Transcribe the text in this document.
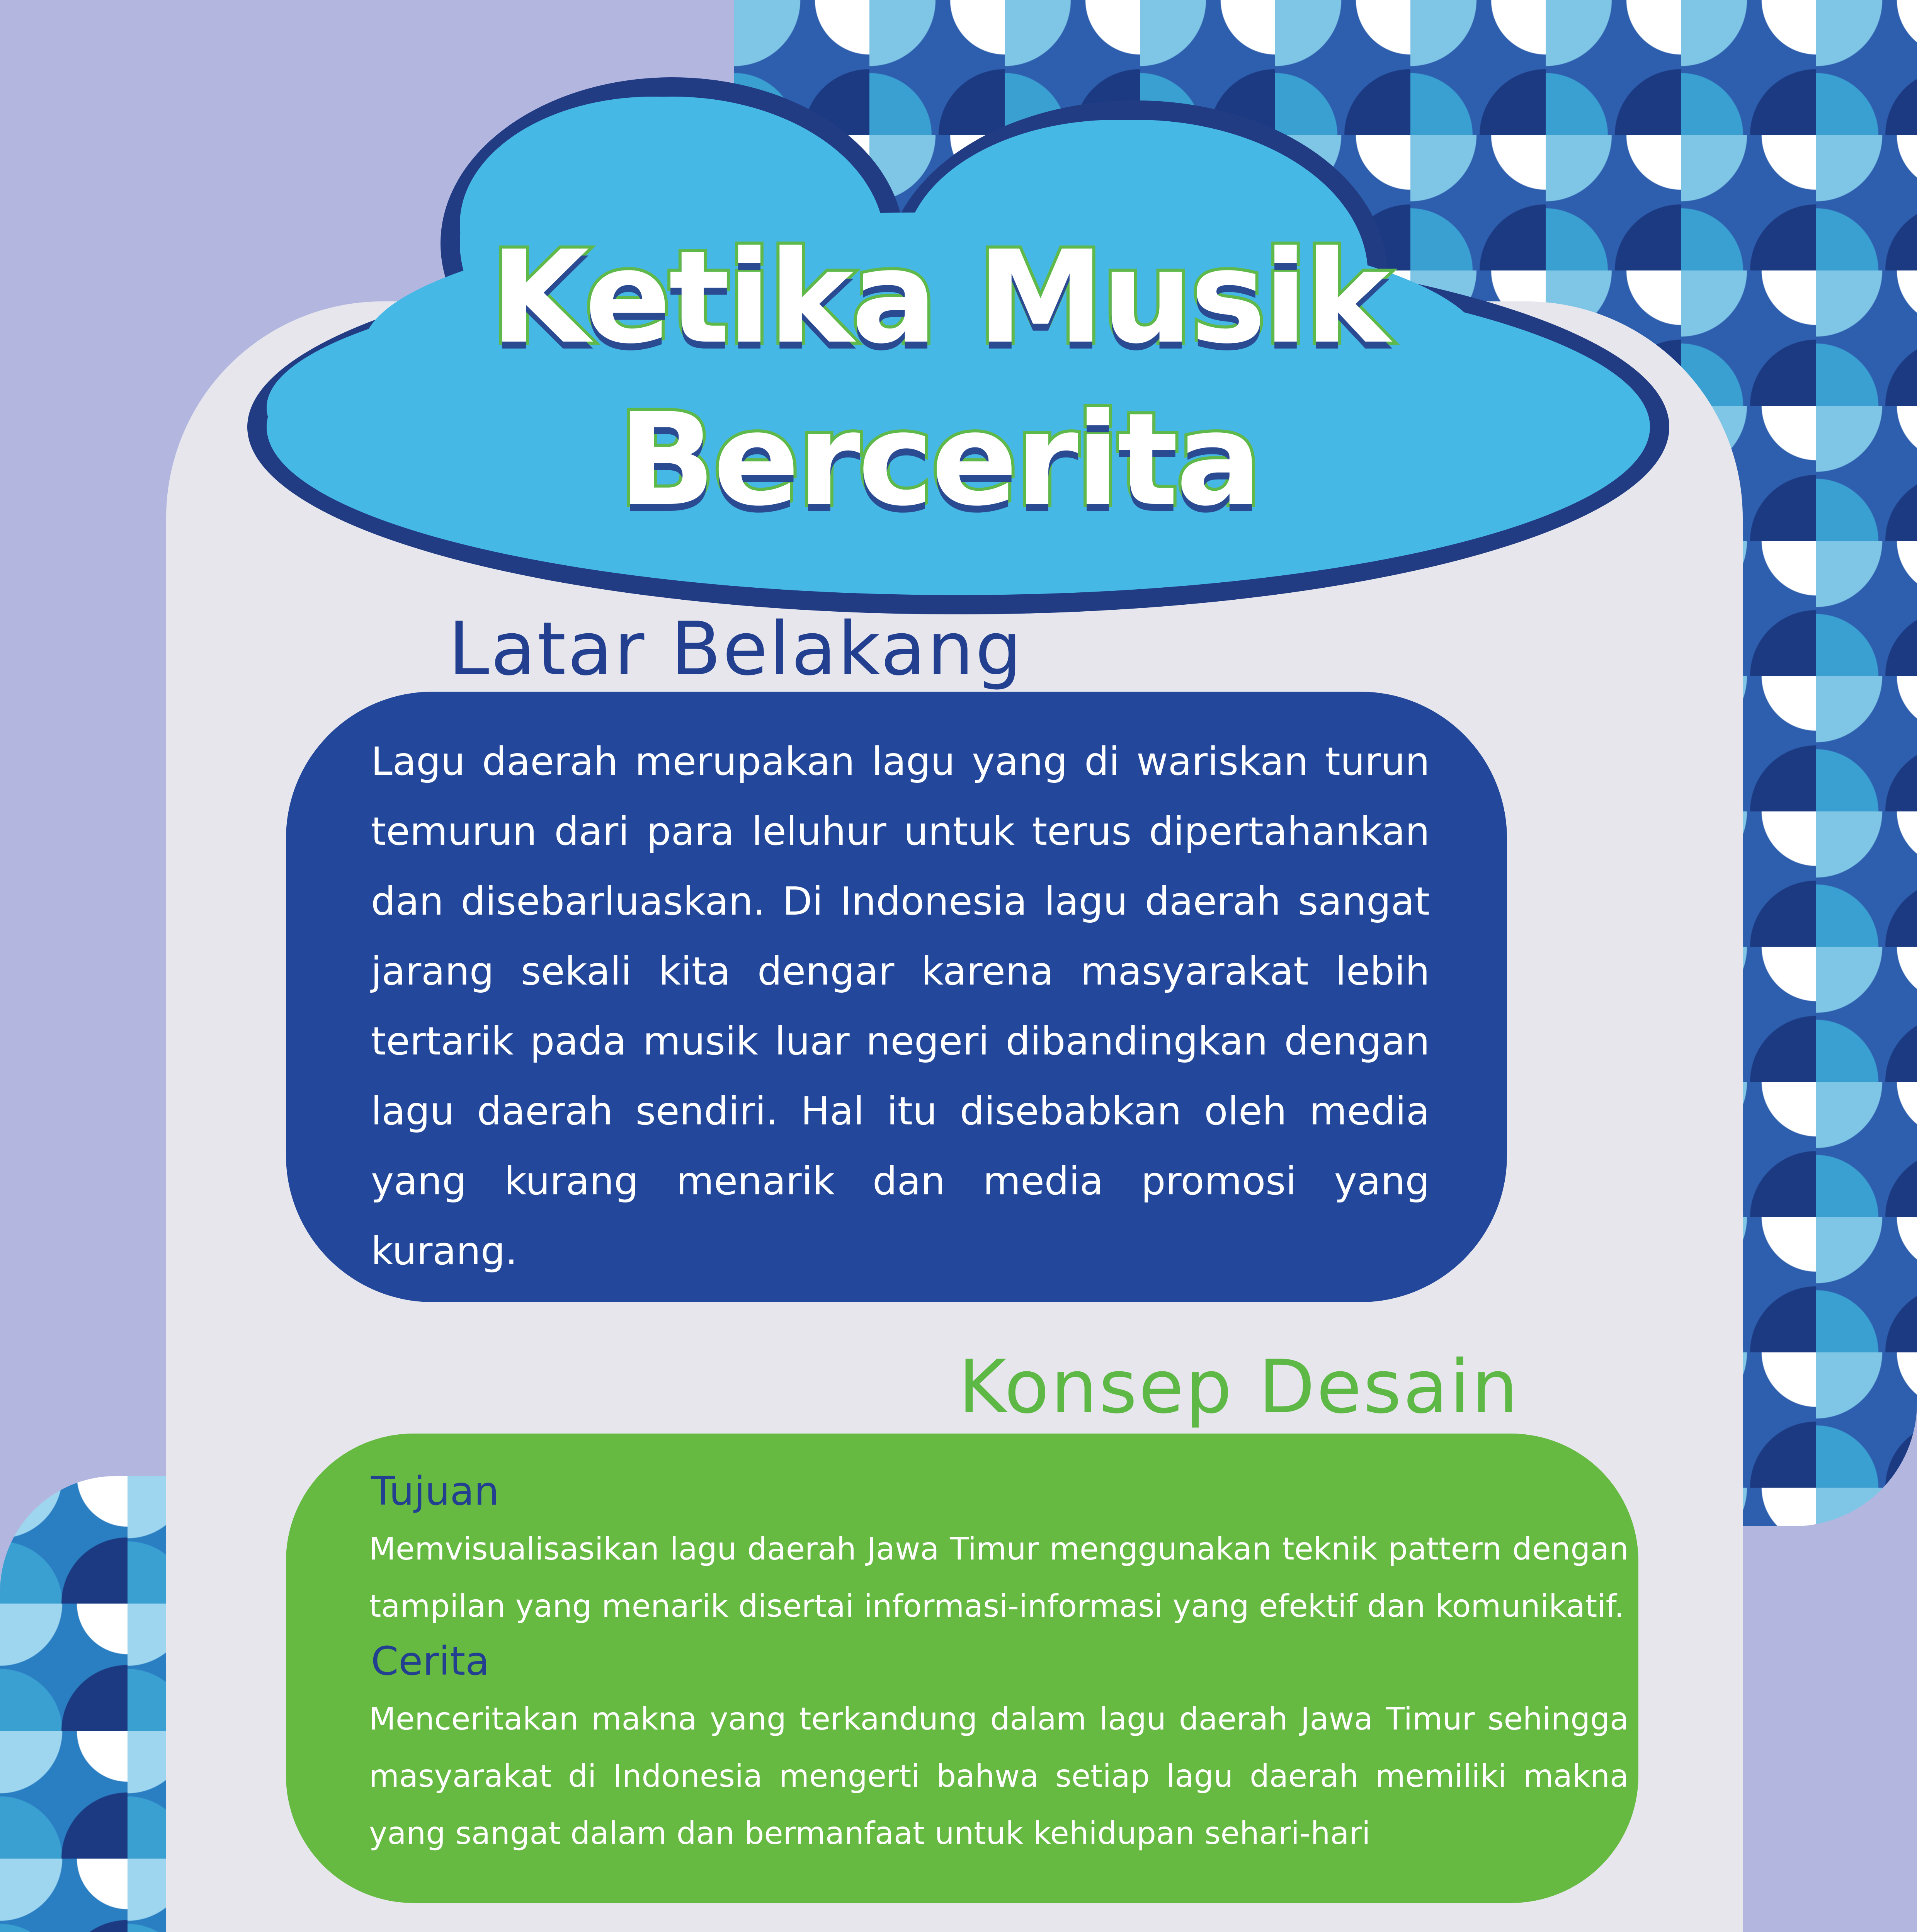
Ketika Musik Bercerita
Latar Belakang
Lagu daerah merupakan lagu yang di wariskan turun temurun dari para leluhur untuk terus dipertahankan dan disebarluaskan. Di Indonesia lagu daerah sangat jarang sekali kita dengar karena masyarakat lebih tertarik pada musik luar negeri dibandingkan dengan lagu daerah sendiri. Hal itu disebabkan oleh media yang kurang menarik dan media promosi yang kurang.
Konsep Desain
Tujuan
Memvisualisasikan lagu daerah Jawa Timur menggunakan teknik pattern dengan tampilan yang menarik disertai informasi-informasi yang efektif dan komunikatif.
Cerita
Menceritakan makna yang terkandung dalam lagu daerah Jawa Timur sehingga masyarakat di Indonesia mengerti bahwa setiap lagu daerah memiliki makna yang sangat dalam dan bermanfaat untuk kehidupan sehari-hari
